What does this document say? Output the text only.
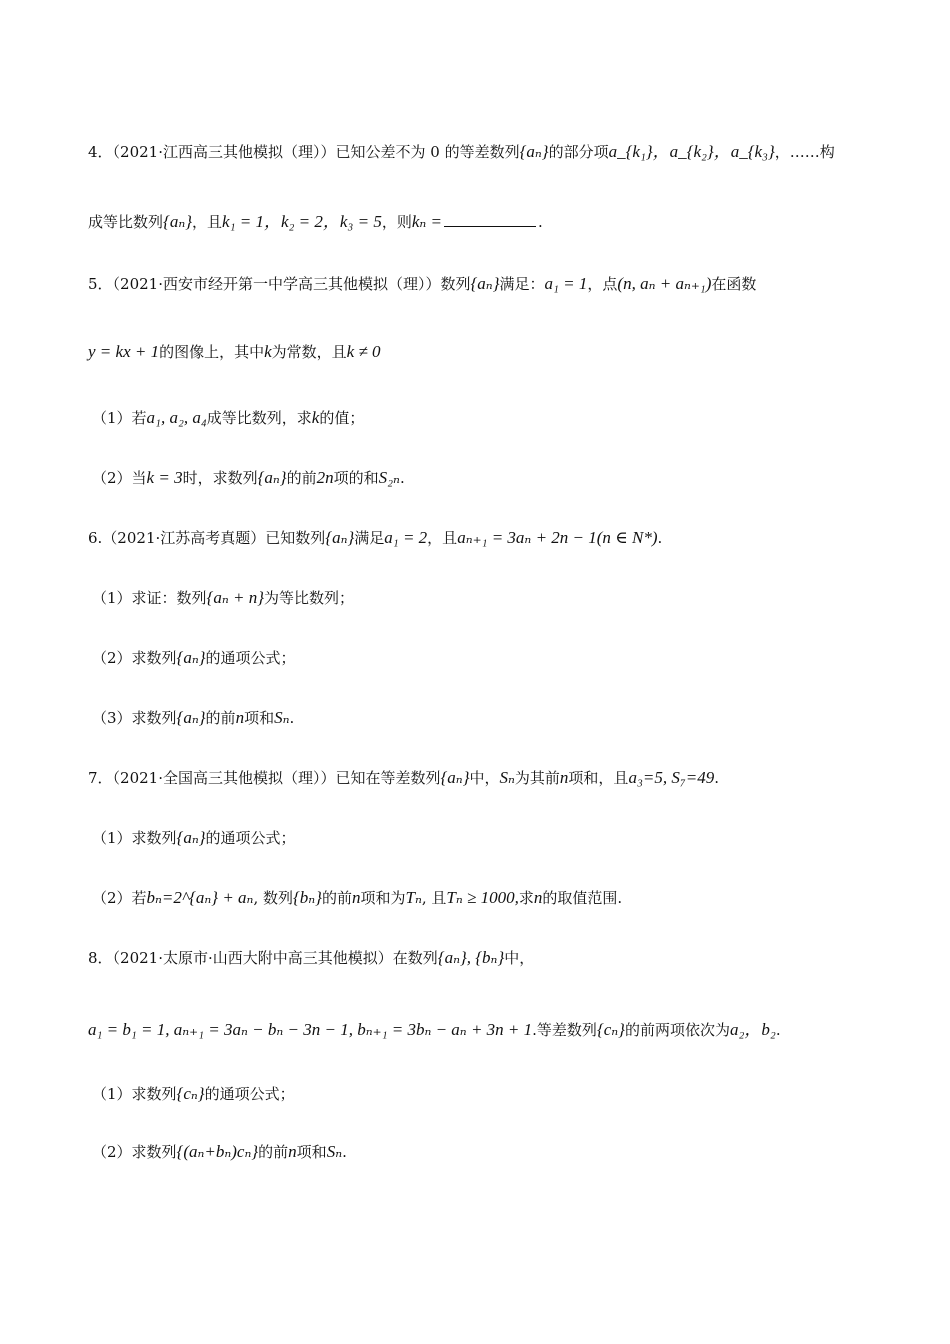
4．（2021·江西高三其他模拟（理））已知公差不为 0 的等差数列{aₙ}的部分项a_{k₁}，a_{k₂}，a_{k₃}，……构
成等比数列{aₙ}，且k₁ = 1，k₂ = 2，k₃ = 5，则kₙ =	.
5．（2021·西安市经开第一中学高三其他模拟（理））数列{aₙ}满足：a₁ = 1，点(n, aₙ + aₙ₊₁)在函数
y = kx + 1的图像上，其中k为常数，且k ≠ 0
（1）若a₁, a₂, a₄成等比数列，求k的值；
（2）当k = 3时，求数列{aₙ}的前2n项的和S₂ₙ.
6.（2021·江苏高考真题）已知数列{aₙ}满足a₁ = 2，且aₙ₊₁ = 3aₙ + 2n − 1(n ∈ N*).
（1）求证：数列{aₙ + n}为等比数列；
（2）求数列{aₙ}的通项公式；
（3）求数列{aₙ}的前n项和Sₙ.
7．（2021·全国高三其他模拟（理））已知在等差数列{aₙ}中，Sₙ为其前n项和，且a₃=5, S₇=49.
（1）求数列{aₙ}的通项公式；
（2）若bₙ=2^{aₙ} + aₙ, 数列{bₙ}的前n项和为Tₙ, 且Tₙ ≥ 1000,求n的取值范围.
8．（2021·太原市·山西大附中高三其他模拟）在数列{aₙ}, {bₙ}中，
a₁ = b₁ = 1, aₙ₊₁ = 3aₙ − bₙ − 3n − 1, bₙ₊₁ = 3bₙ − aₙ + 3n + 1.等差数列{cₙ}的前两项依次为a₂，b₂.
（1）求数列{cₙ}的通项公式；
（2）求数列{(aₙ+bₙ)cₙ}的前n项和Sₙ.
